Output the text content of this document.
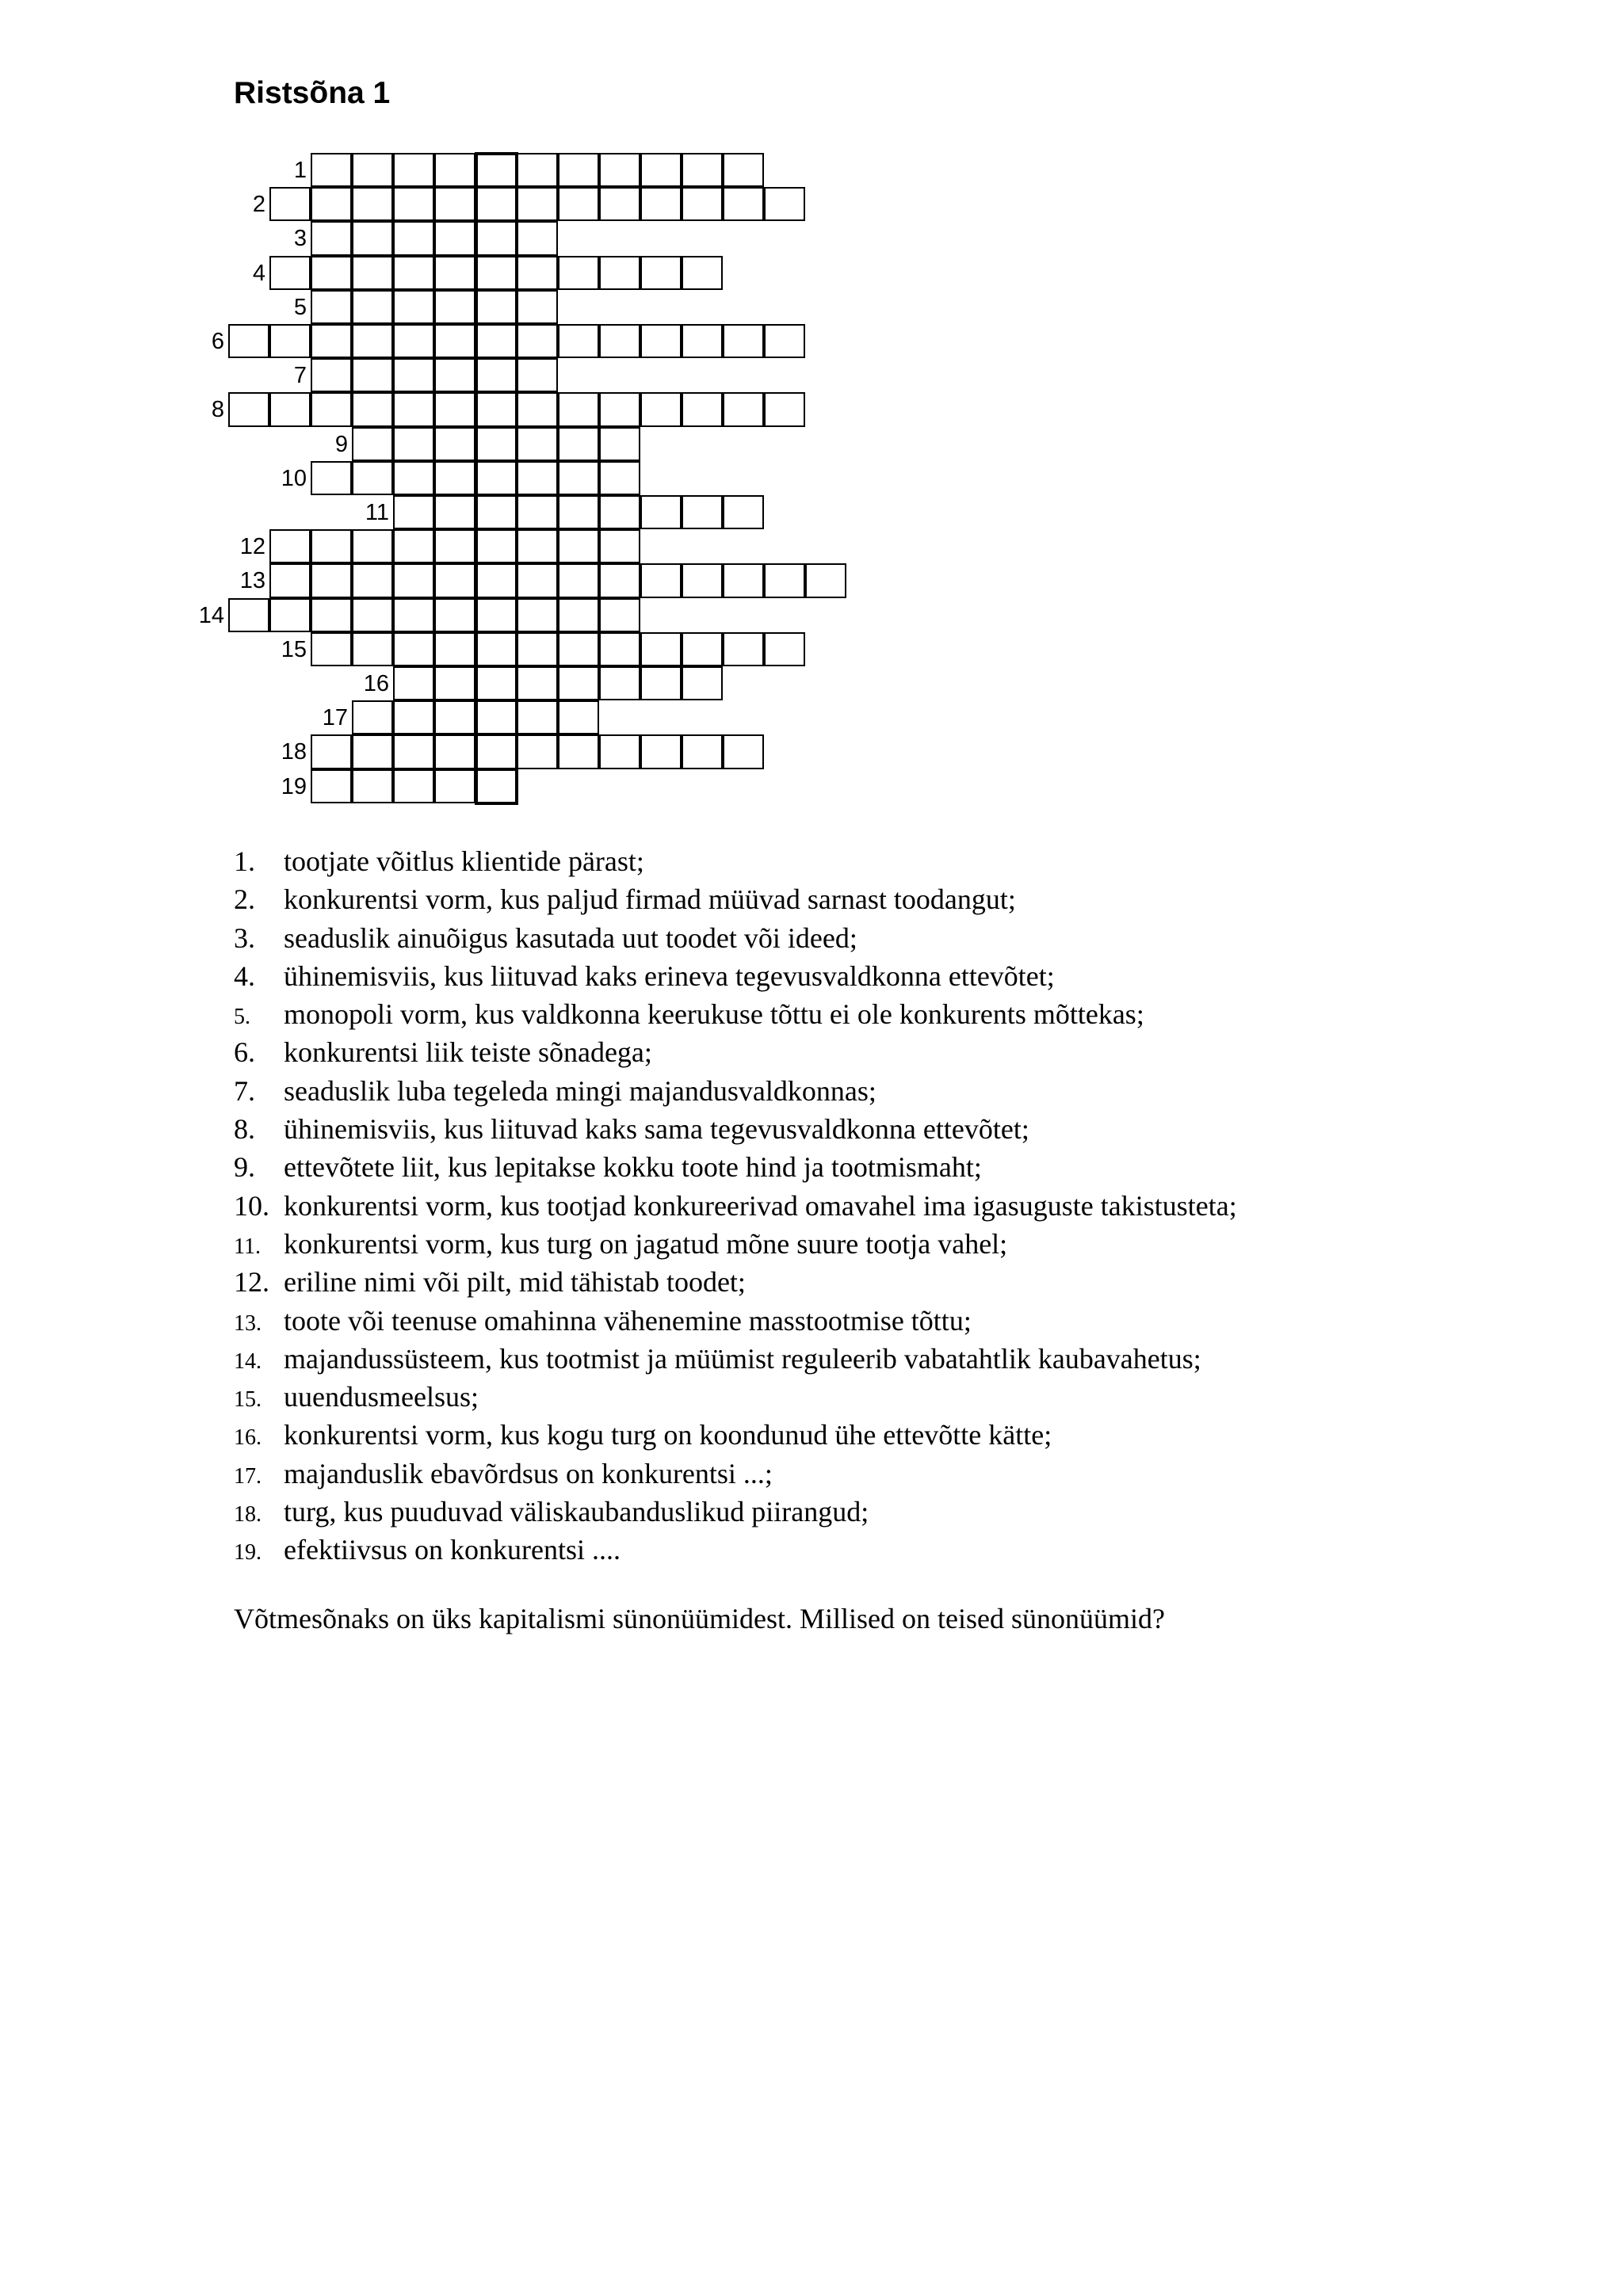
Ristsõna 1
1
2
3
4
5
6
7
8
9
10
11
12
13
14
15
16
17
18
19
1. tootjate võitlus klientide pärast;
2. konkurentsi vorm, kus paljud firmad müüvad sarnast toodangut;
3. seaduslik ainuõigus kasutada uut toodet või ideed;
4. ühinemisviis, kus liituvad kaks erineva tegevusvaldkonna ettevõtet;
5. monopoli vorm, kus valdkonna keerukuse tõttu ei ole konkurents mõttekas;
6. konkurentsi liik teiste sõnadega;
7. seaduslik luba tegeleda mingi majandusvaldkonnas;
8. ühinemisviis, kus liituvad kaks sama tegevusvaldkonna ettevõtet;
9. ettevõtete liit, kus lepitakse kokku toote hind ja tootmismaht;
10. konkurentsi vorm, kus tootjad konkureerivad omavahel ima igasuguste takistusteta;
11. konkurentsi vorm, kus turg on jagatud mõne suure tootja vahel;
12. eriline nimi või pilt, mid tähistab toodet;
13. toote või teenuse omahinna vähenemine masstootmise tõttu;
14. majandussüsteem, kus tootmist ja müümist reguleerib vabatahtlik kaubavahetus;
15. uuendusmeelsus;
16. konkurentsi vorm, kus kogu turg on koondunud ühe ettevõtte kätte;
17. majanduslik ebavõrdsus on konkurentsi ...;
18. turg, kus puuduvad väliskaubanduslikud piirangud;
19. efektiivsus on konkurentsi ....
Võtmesõnaks on üks kapitalismi sünonüümidest. Millised on teised sünonüümid?
